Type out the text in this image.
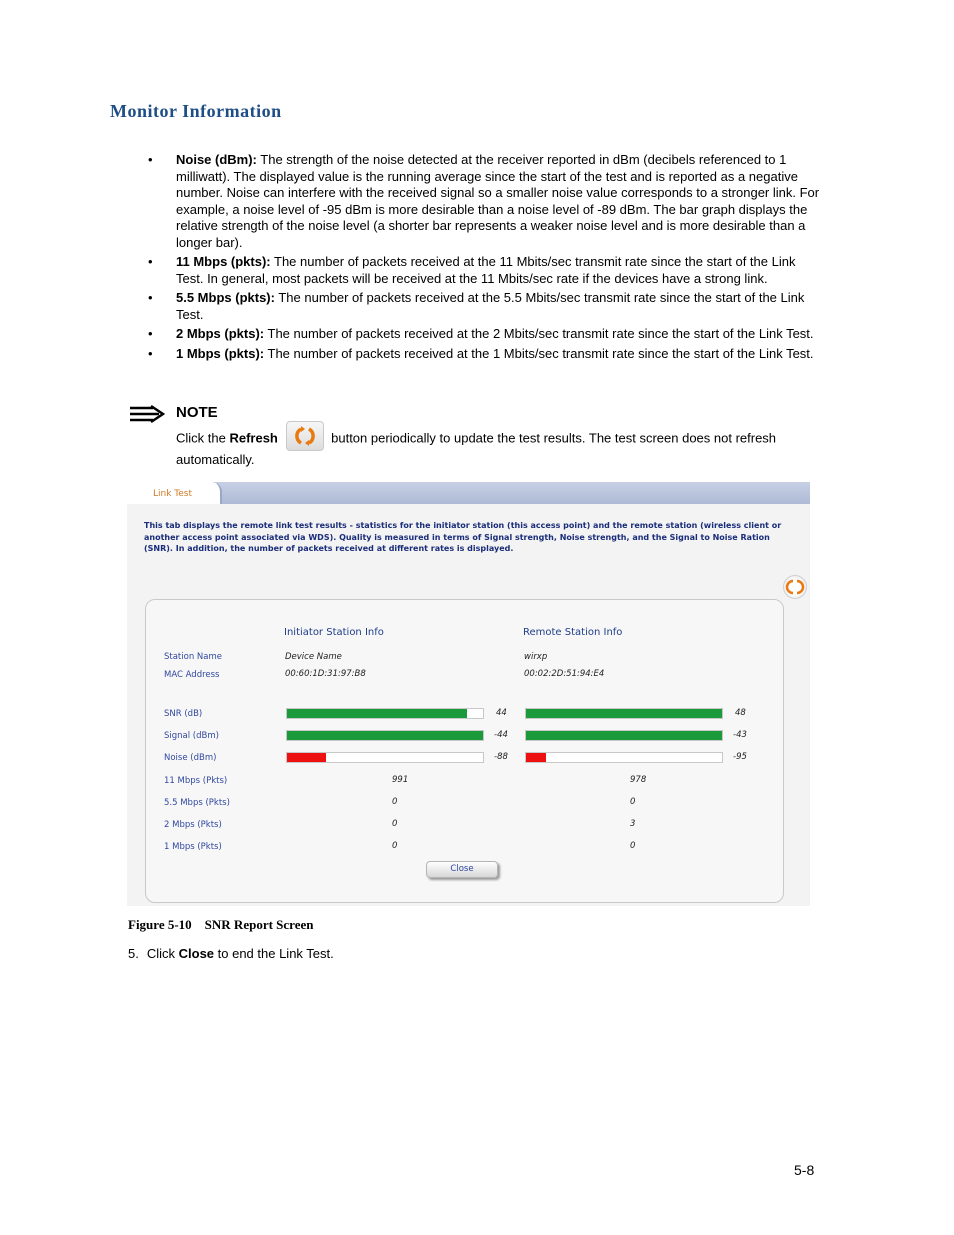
Monitor Information
• Noise (dBm): The strength of the noise detected at the receiver reported in dBm (decibels referenced to 1 milliwatt). The displayed value is the running average since the start of the test and is reported as a negative number. Noise can interfere with the received signal so a smaller noise value corresponds to a stronger link. For example, a noise level of -95 dBm is more desirable than a noise level of -89 dBm. The bar graph displays the relative strength of the noise level (a shorter bar represents a weaker noise level and is more desirable than a longer bar).
• 11 Mbps (pkts): The number of packets received at the 11 Mbits/sec transmit rate since the start of the Link Test. In general, most packets will be received at the 11 Mbits/sec rate if the devices have a strong link.
• 5.5 Mbps (pkts): The number of packets received at the 5.5 Mbits/sec transmit rate since the start of the Link Test.
• 2 Mbps (pkts): The number of packets received at the 2 Mbits/sec transmit rate since the start of the Link Test.
• 1 Mbps (pkts): The number of packets received at the 1 Mbits/sec transmit rate since the start of the Link Test.
NOTE
Click the Refresh	button periodically to update the test results. The test screen does not refresh automatically.
Link Test
This tab displays the remote link test results - statistics for the initiator station (this access point) and the remote station (wireless client or another access point associated via WDS). Quality is measured in terms of Signal strength, Noise strength, and the Signal to Noise Ration (SNR). In addition, the number of packets received at different rates is displayed.
Initiator Station Info	Remote Station Info
Station Name
MAC Address
SNR (dB)
Signal (dBm)
Noise (dBm)
11 Mbps (Pkts)
5.5 Mbps (Pkts)
2 Mbps (Pkts)
1 Mbps (Pkts)
Device Name
00:60:1D:31:97:B8
44
-44
-88
991
0
0
0
wirxp
00:02:2D:51:94:E4
48
-43
-95
978
0
3
0
Close
Figure 5-10 SNR Report Screen
5. Click Close to end the Link Test.
5-8
